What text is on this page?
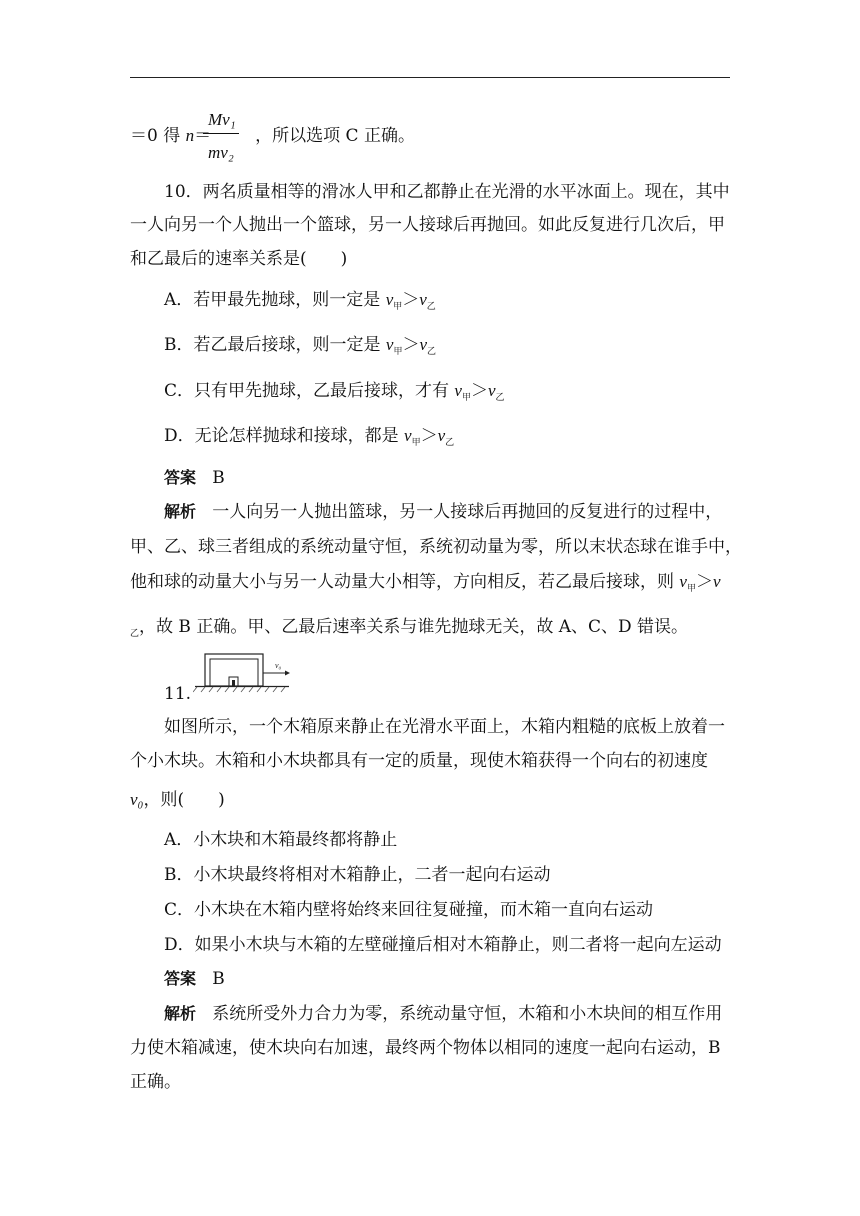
Mv₁
mv₂
＝0 得 n＝	，所以选项 C 正确。
10．两名质量相等的滑冰人甲和乙都静止在光滑的水平冰面上。现在，其中
一人向另一个人抛出一个篮球，另一人接球后再抛回。如此反复进行几次后，甲
和乙最后的速率关系是(　　)
A．若甲最先抛球，则一定是 $v_甲>v_乙$
B．若乙最后接球，则一定是 $v_甲>v_乙$
C．只有甲先抛球，乙最后接球，才有 $v_甲>v_乙$
D．无论怎样抛球和接球，都是 $v_甲>v_乙$
答案 B
解析 一人向另一人抛出篮球，另一人接球后再抛回的反复进行的过程中，
甲、乙、球三者组成的系统动量守恒，系统初动量为零，所以末状态球在谁手中，
他和球的动量大小与另一人动量大小相等，方向相反，若乙最后接球，则 $v_甲>v$
$_乙$，故 B 正确。甲、乙最后速率关系与谁先抛球无关，故 A、C、D 错误。
11.
v₀
如图所示，一个木箱原来静止在光滑水平面上，木箱内粗糙的底板上放着一
个小木块。木箱和小木块都具有一定的质量，现使木箱获得一个向右的初速度
v₀，则(　　)
A．小木块和木箱最终都将静止
B．小木块最终将相对木箱静止，二者一起向右运动
C．小木块在木箱内壁将始终来回往复碰撞，而木箱一直向右运动
D．如果小木块与木箱的左壁碰撞后相对木箱静止，则二者将一起向左运动
答案 B
解析 系统所受外力合力为零，系统动量守恒，木箱和小木块间的相互作用
力使木箱减速，使木块向右加速，最终两个物体以相同的速度一起向右运动，B
正确。
